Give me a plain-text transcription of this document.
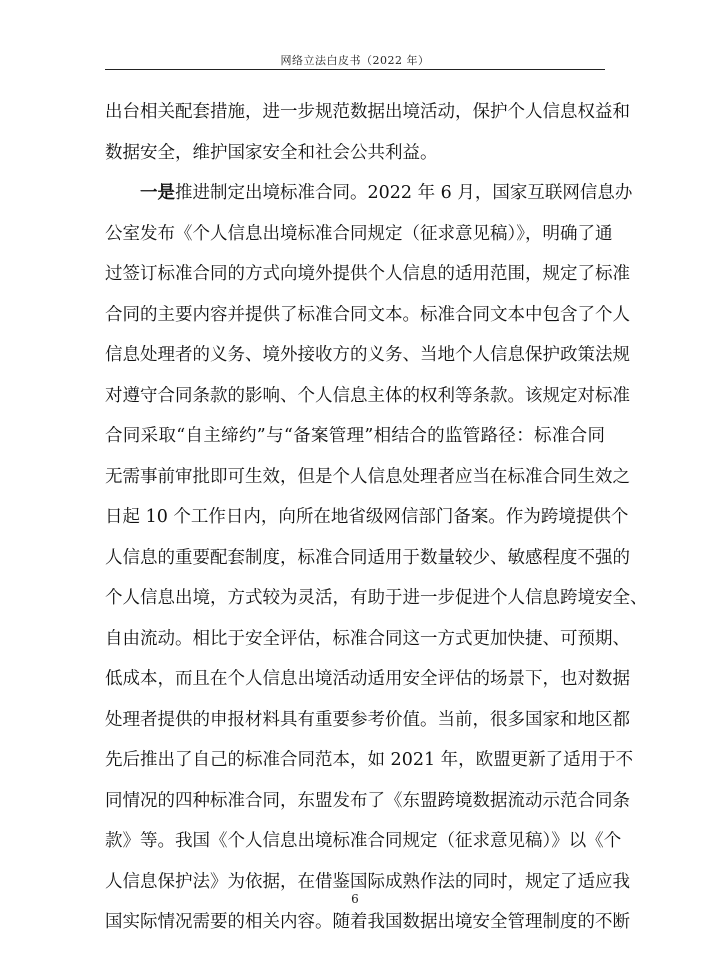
网络立法白皮书（2022 年）
出台相关配套措施，进一步规范数据出境活动，保护个人信息权益和
数据安全，维护国家安全和社会公共利益。
一是推进制定出境标准合同。2022 年 6 月，国家互联网信息办
公室发布《个人信息出境标准合同规定（征求意见稿）》，明确了通
过签订标准合同的方式向境外提供个人信息的适用范围，规定了标准
合同的主要内容并提供了标准合同文本。标准合同文本中包含了个人
信息处理者的义务、境外接收方的义务、当地个人信息保护政策法规
对遵守合同条款的影响、个人信息主体的权利等条款。该规定对标准
合同采取“自主缔约”与“备案管理”相结合的监管路径：标准合同
无需事前审批即可生效，但是个人信息处理者应当在标准合同生效之
日起 10 个工作日内，向所在地省级网信部门备案。作为跨境提供个
人信息的重要配套制度，标准合同适用于数量较少、敏感程度不强的
个人信息出境，方式较为灵活，有助于进一步促进个人信息跨境安全、
自由流动。相比于安全评估，标准合同这一方式更加快捷、可预期、
低成本，而且在个人信息出境活动适用安全评估的场景下，也对数据
处理者提供的申报材料具有重要参考价值。当前，很多国家和地区都
先后推出了自己的标准合同范本，如 2021 年，欧盟更新了适用于不
同情况的四种标准合同，东盟发布了《东盟跨境数据流动示范合同条
款》等。我国《个人信息出境标准合同规定（征求意见稿）》以《个
人信息保护法》为依据，在借鉴国际成熟作法的同时，规定了适应我
国实际情况需要的相关内容。随着我国数据出境安全管理制度的不断
6
